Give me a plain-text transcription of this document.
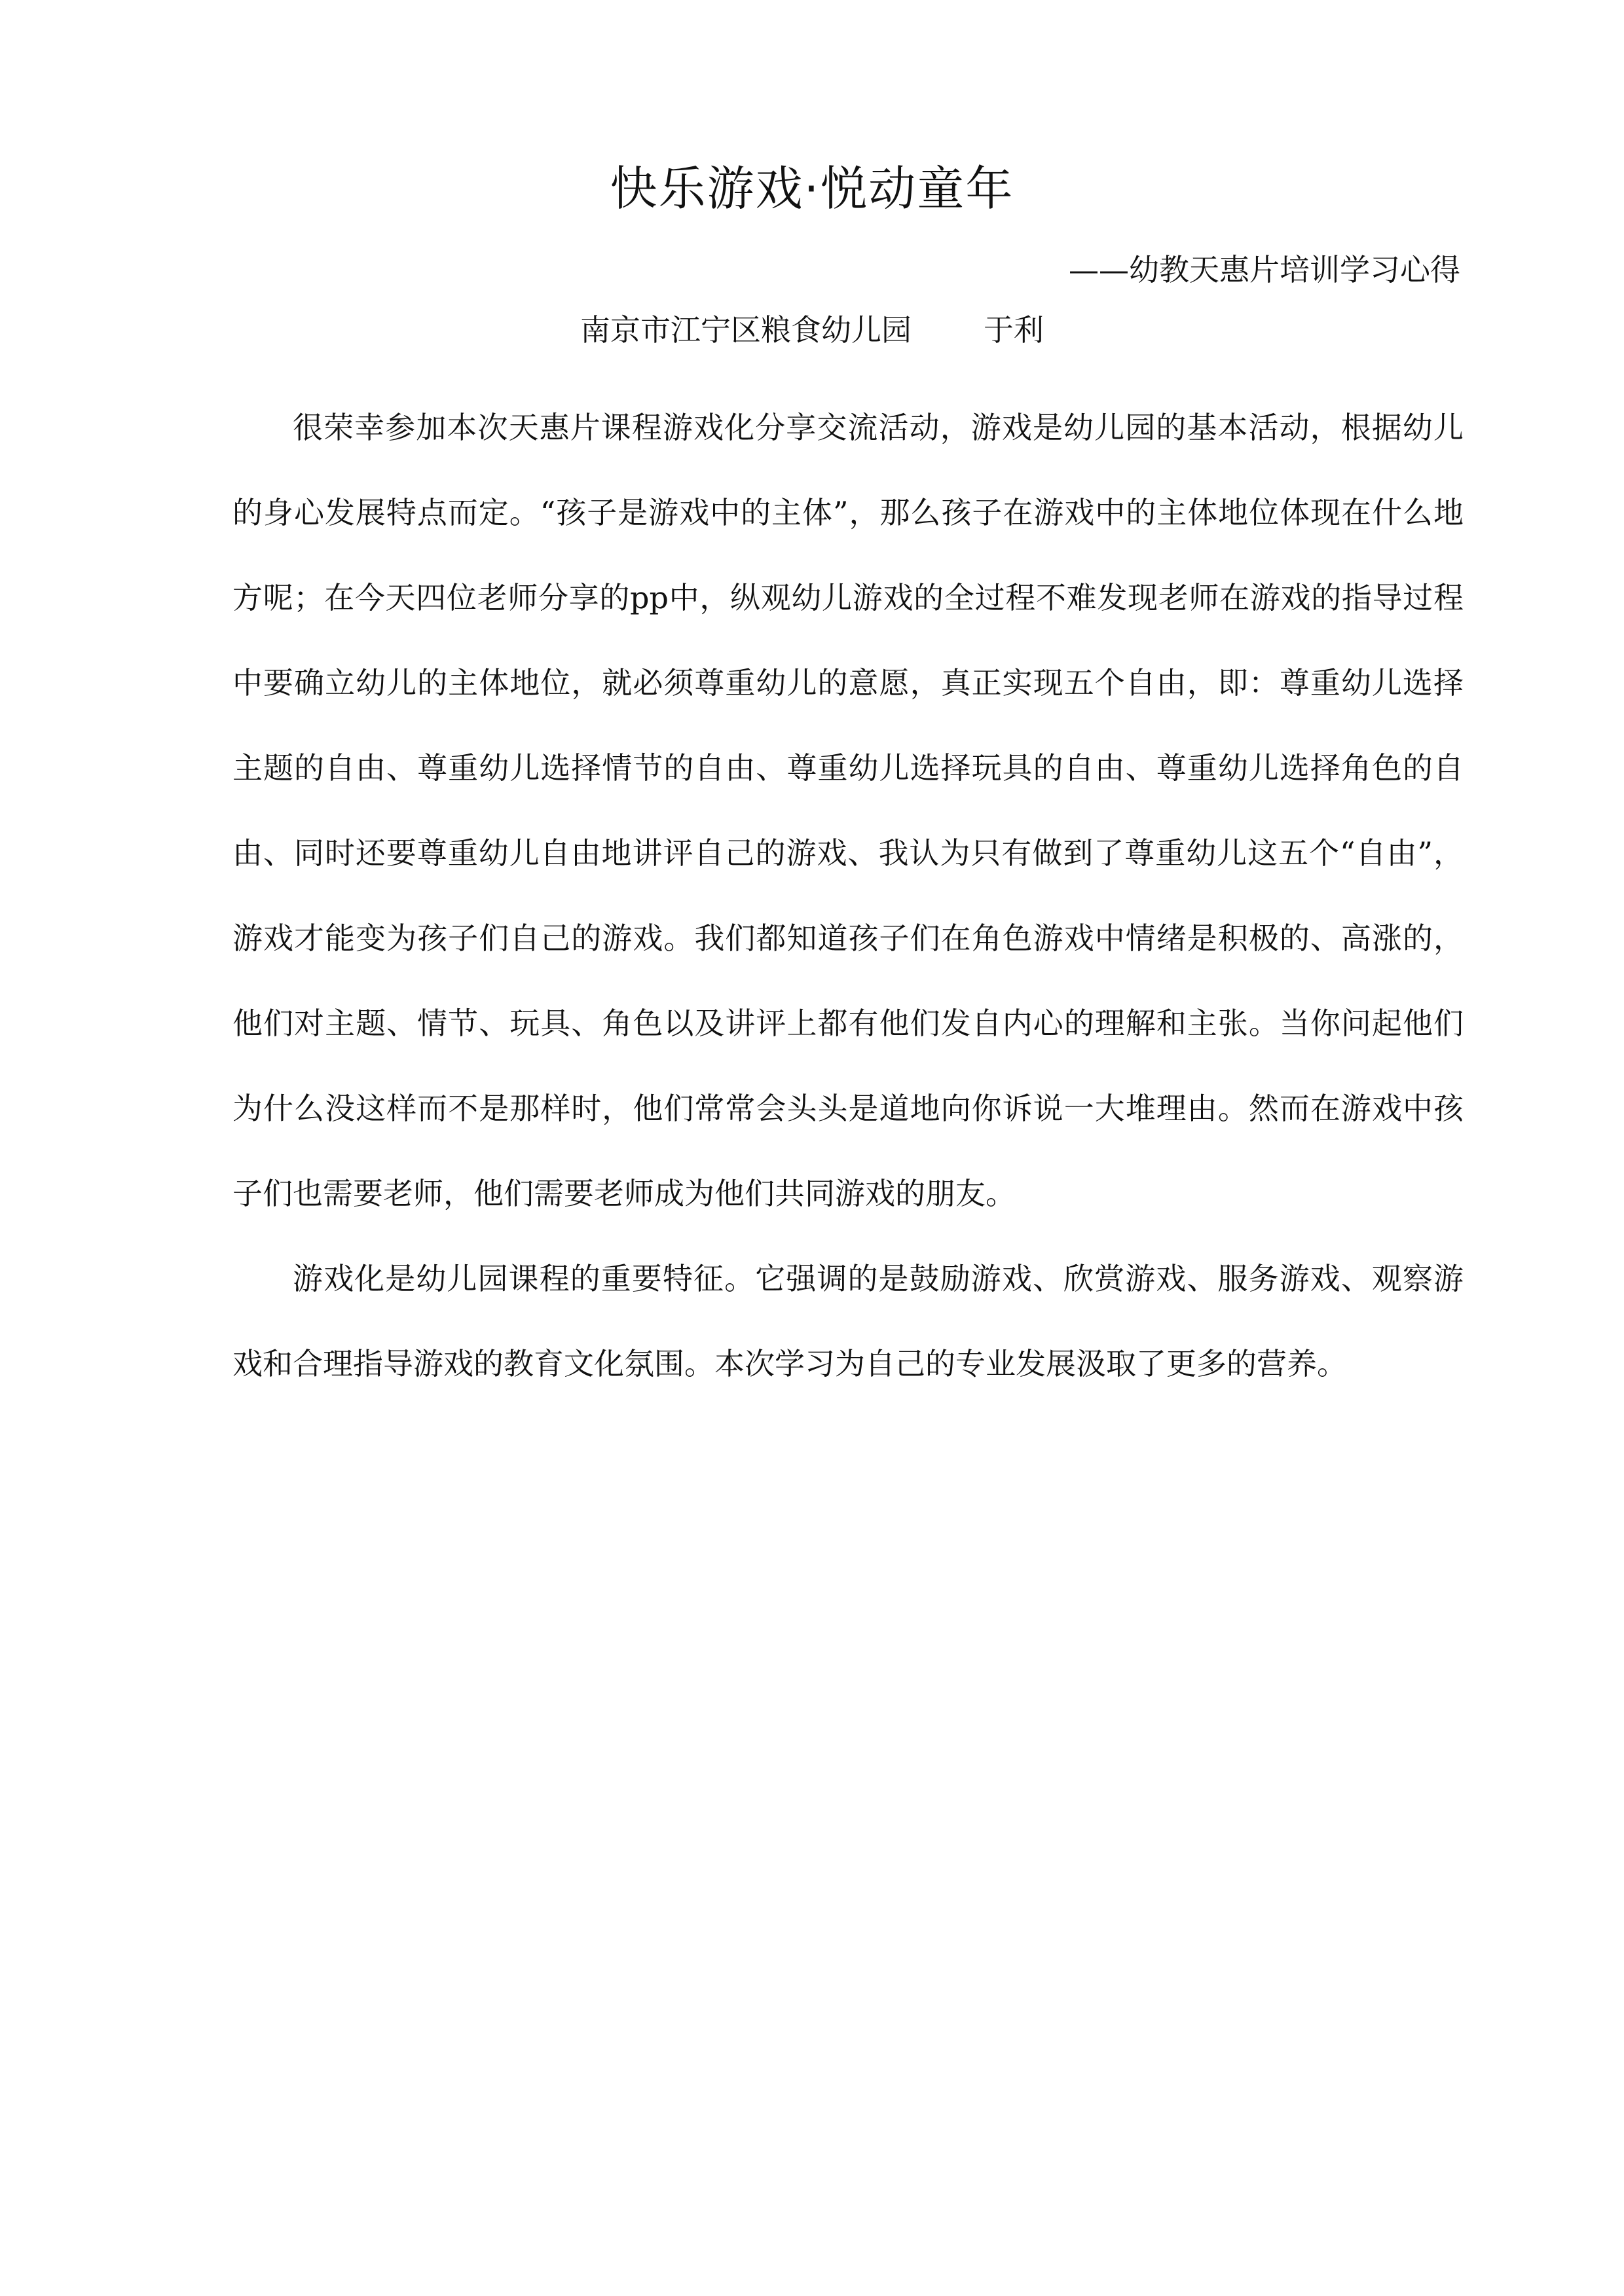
快乐游戏·悦动童年
——幼教天惠片培训学习心得
南京市江宁区粮食幼儿园 于利

很荣幸参加本次天惠片课程游戏化分享交流活动，游戏是幼儿园的基本活动，根据幼儿的身心发展特点而定。“孩子是游戏中的主体”，那么孩子在游戏中的主体地位体现在什么地方呢；在今天四位老师分享的pp中，纵观幼儿游戏的全过程不难发现老师在游戏的指导过程中要确立幼儿的主体地位，就必须尊重幼儿的意愿，真正实现五个自由，即：尊重幼儿选择主题的自由、尊重幼儿选择情节的自由、尊重幼儿选择玩具的自由、尊重幼儿选择角色的自由、同时还要尊重幼儿自由地讲评自己的游戏、我认为只有做到了尊重幼儿这五个“自由”，游戏才能变为孩子们自己的游戏。我们都知道孩子们在角色游戏中情绪是积极的、高涨的，他们对主题、情节、玩具、角色以及讲评上都有他们发自内心的理解和主张。当你问起他们为什么没这样而不是那样时，他们常常会头头是道地向你诉说一大堆理由。然而在游戏中孩子们也需要老师，他们需要老师成为他们共同游戏的朋友。

游戏化是幼儿园课程的重要特征。它强调的是鼓励游戏、欣赏游戏、服务游戏、观察游戏和合理指导游戏的教育文化氛围。本次学习为自己的专业发展汲取了更多的营养。
